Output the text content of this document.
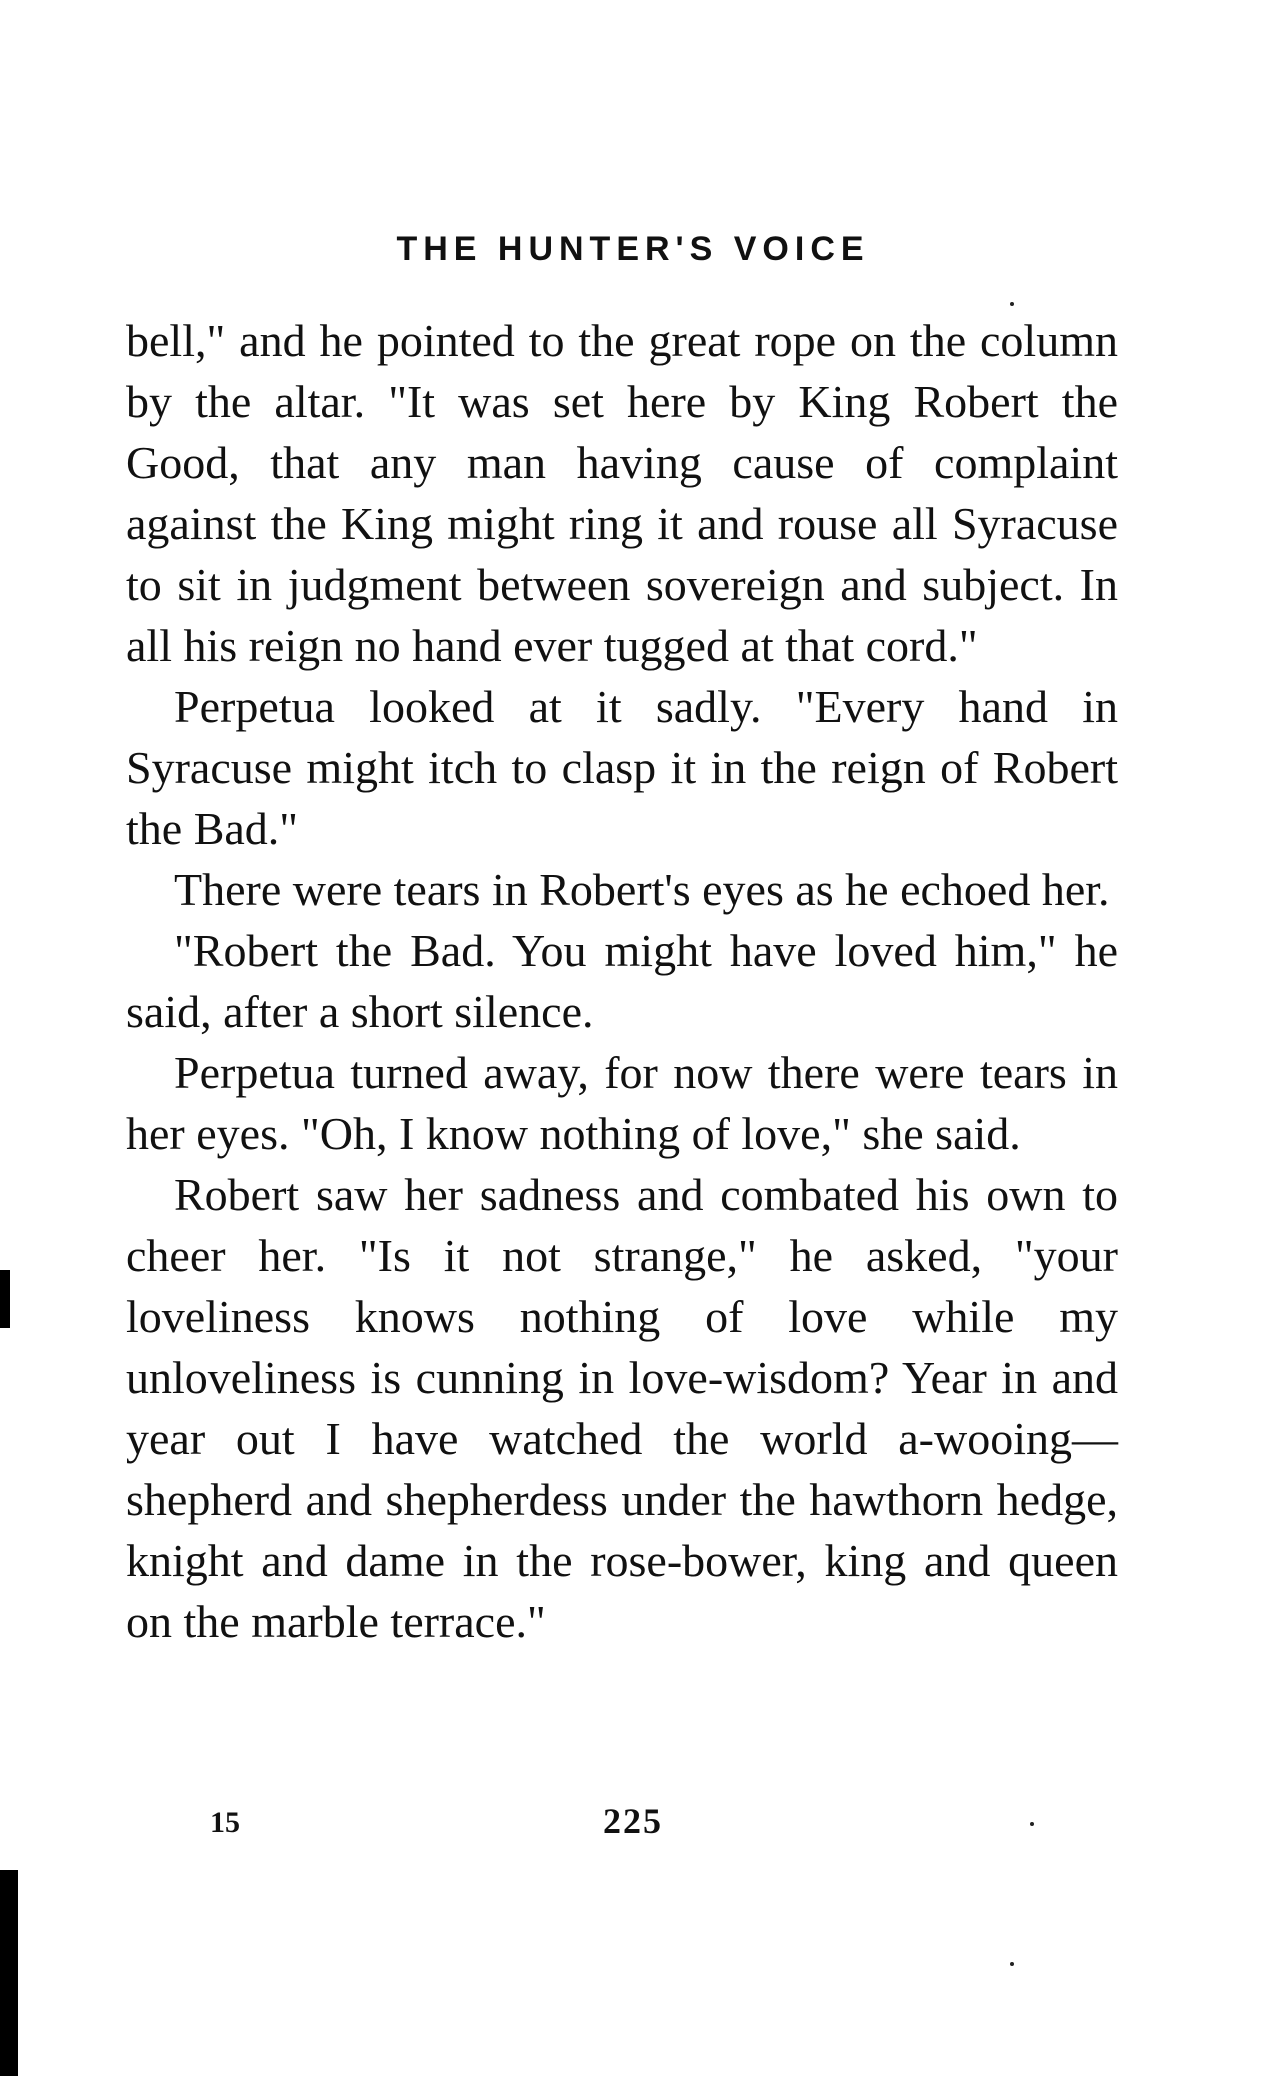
THE HUNTER'S VOICE

bell," and he pointed to the great rope on the column by the altar. "It was set here by King Robert the Good, that any man having cause of complaint against the King might ring it and rouse all Syracuse to sit in judgment between sovereign and subject. In all his reign no hand ever tugged at that cord."

Perpetua looked at it sadly. "Every hand in Syracuse might itch to clasp it in the reign of Robert the Bad."

There were tears in Robert's eyes as he echoed her.

"Robert the Bad. You might have loved him," he said, after a short silence.

Perpetua turned away, for now there were tears in her eyes. "Oh, I know nothing of love," she said.

Robert saw her sadness and combated his own to cheer her. "Is it not strange," he asked, "your loveliness knows nothing of love while my unloveliness is cunning in love-wisdom? Year in and year out I have watched the world a-wooing—shepherd and shepherdess under the hawthorn hedge, knight and dame in the rose-bower, king and queen on the marble terrace."

15	225
